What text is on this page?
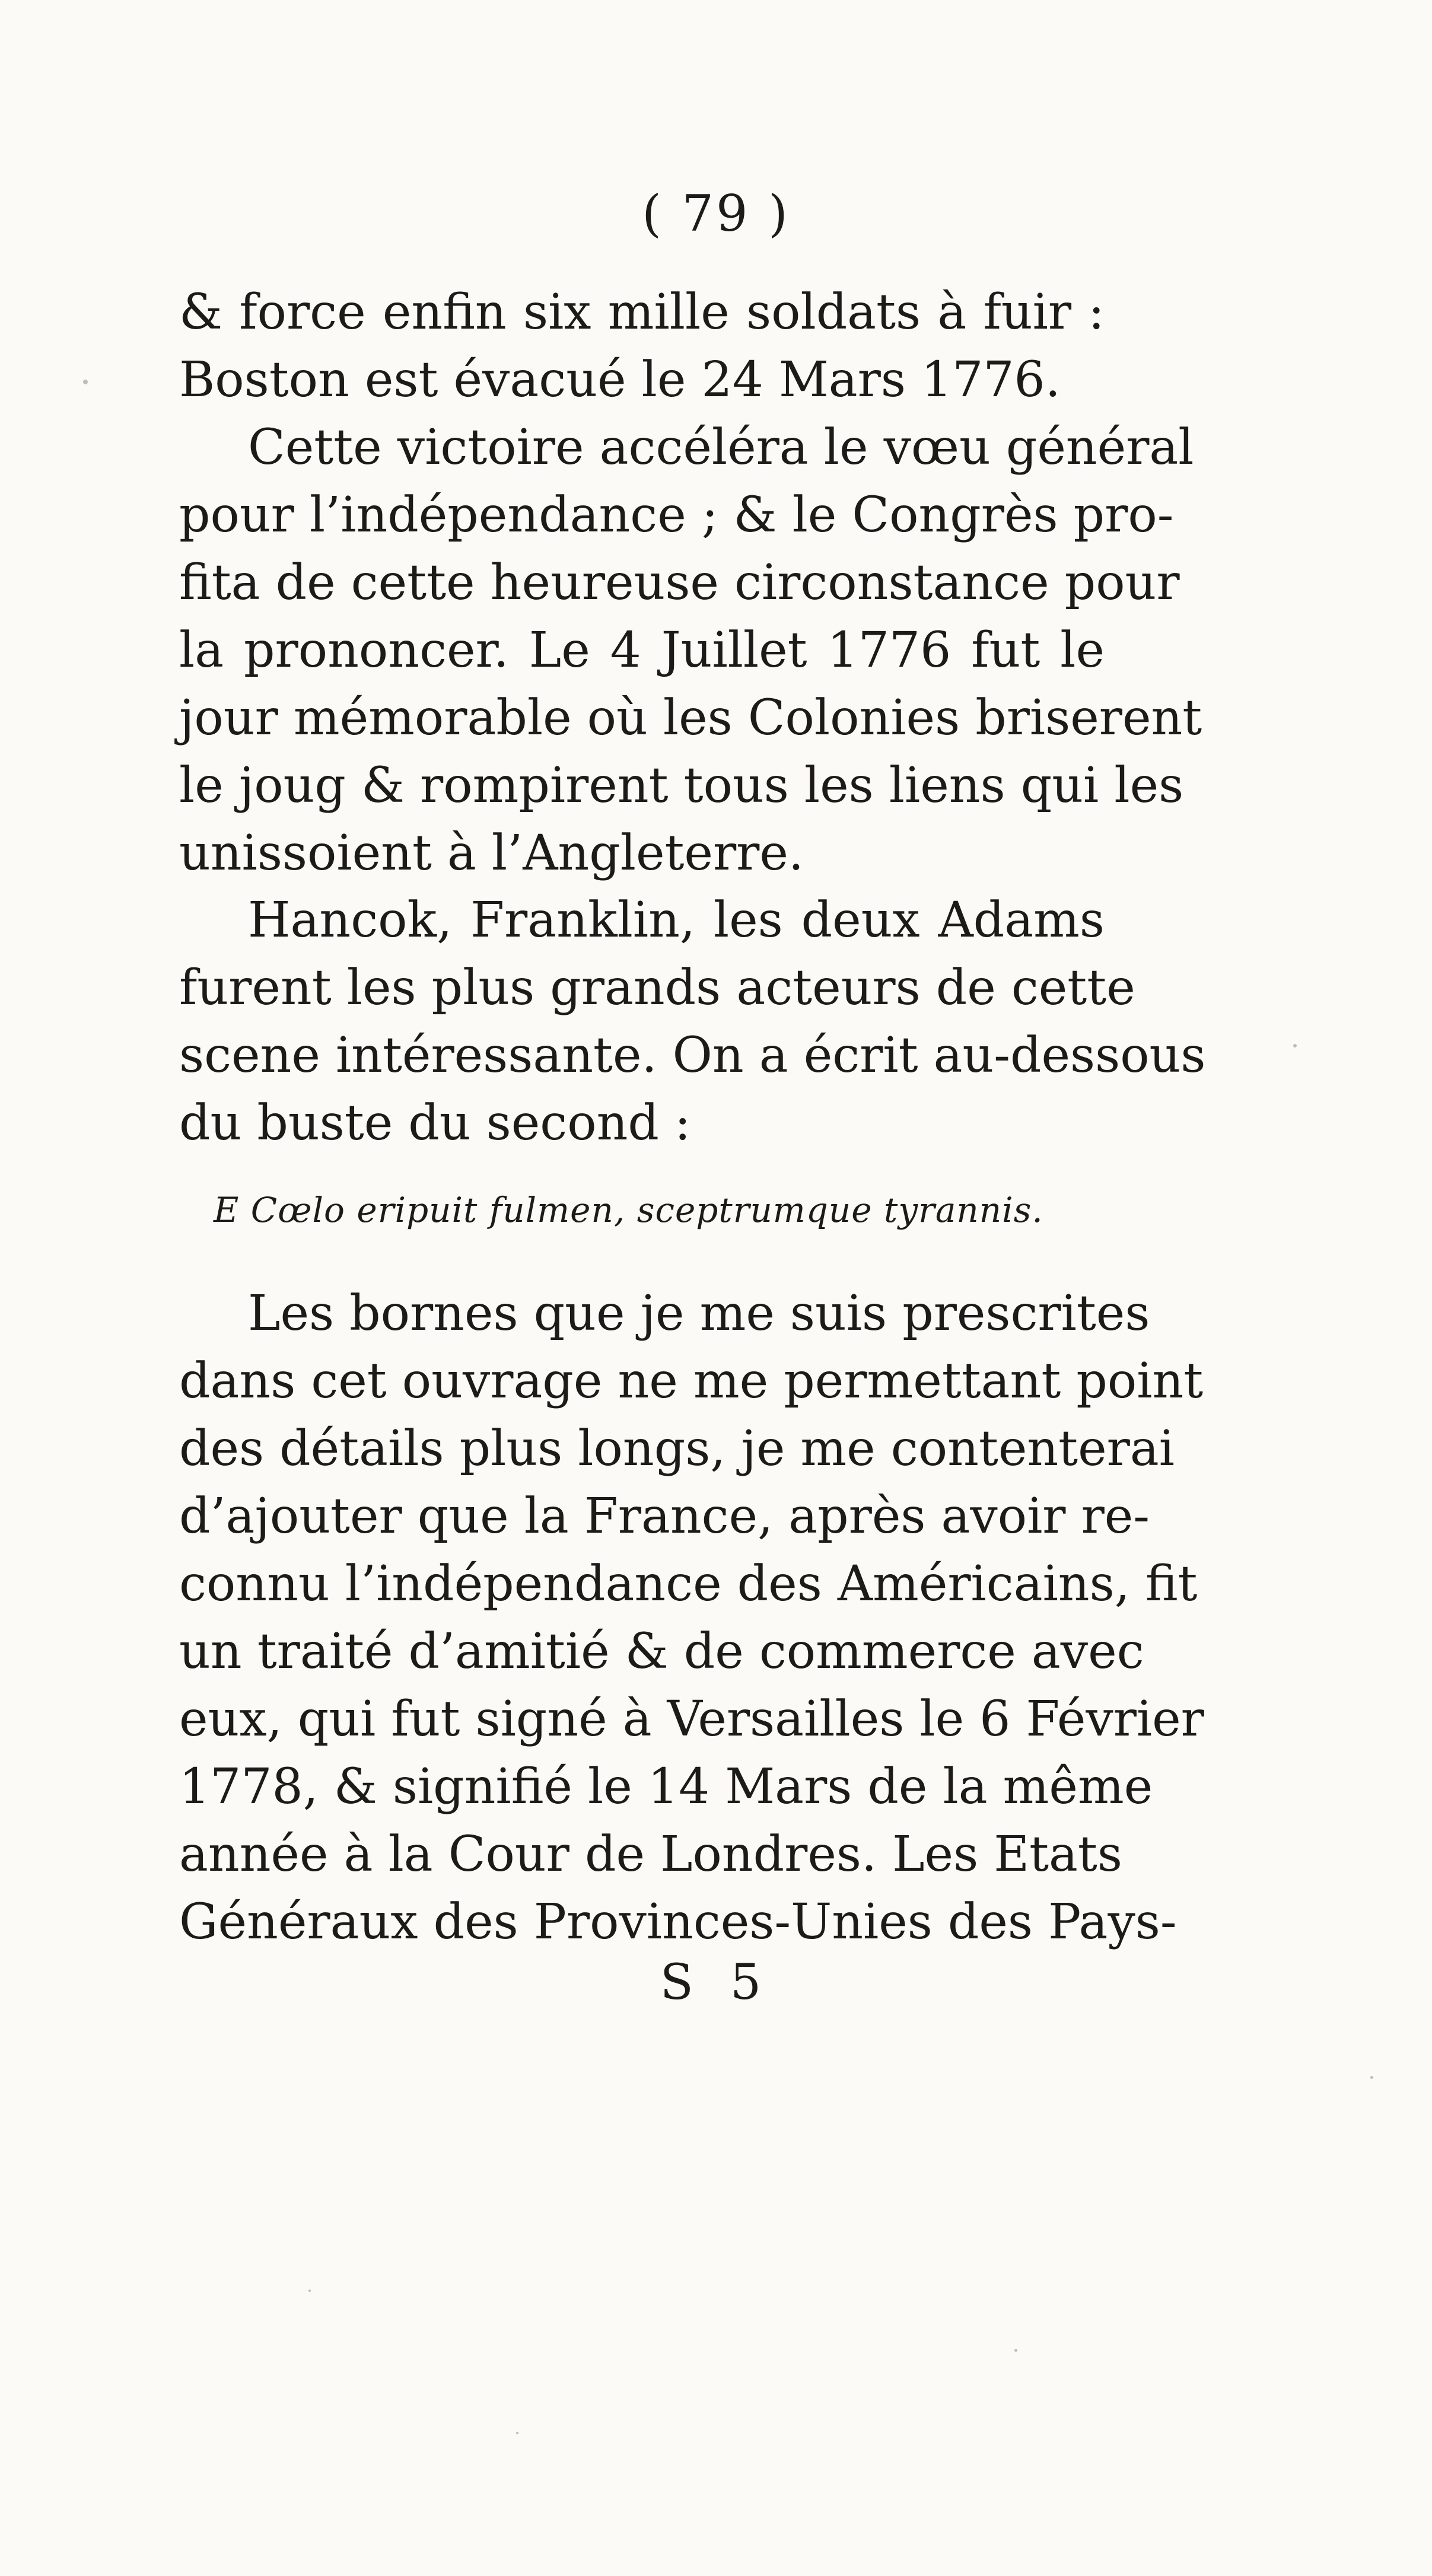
( 79 )
& force enfin six mille soldats à fuir :
Boston est évacué le 24 Mars 1776.
Cette victoire accéléra le vœu général
pour l’indépendance ; & le Congrès pro-
fita de cette heureuse circonstance pour
la prononcer. Le 4 Juillet 1776 fut le
jour mémorable où les Colonies briserent
le joug & rompirent tous les liens qui les
unissoient à l’Angleterre.
Hancok, Franklin, les deux Adams
furent les plus grands acteurs de cette
scene intéressante. On a écrit au-dessous
du buste du second :
E Cœlo eripuit fulmen, sceptrumque tyrannis.
Les bornes que je me suis prescrites
dans cet ouvrage ne me permettant point
des détails plus longs, je me contenterai
d’ajouter que la France, après avoir re-
connu l’indépendance des Américains, fit
un traité d’amitié & de commerce avec
eux, qui fut signé à Versailles le 6 Février
1778, & signifié le 14 Mars de la même
année à la Cour de Londres. Les Etats
Généraux des Provinces-Unies des Pays-
S 5
